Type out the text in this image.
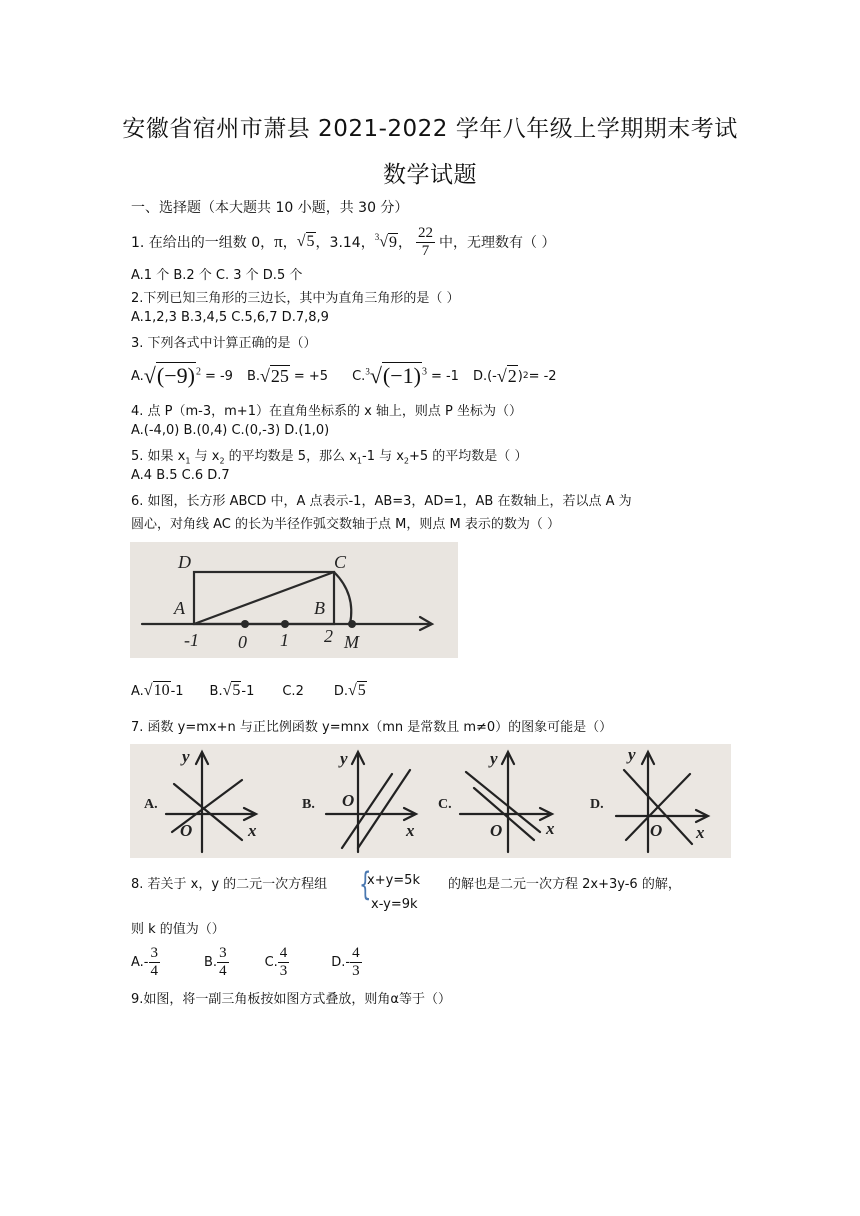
安徽省宿州市萧县 2021-2022 学年八年级上学期期末考试
数学试题
一、选择题（本大题共 10 小题，共 30 分）
1. 在给出的一组数 0， π ， √5 ，3.14， $^3$√9 ， $\frac{22}{7}$ 中，无理数有（ ）
A.1 个 B.2 个 C. 3 个 D.5 个
2.下列已知三角形的三边长，其中为直角三角形的是（ ）
A.1,2,3 B.3,4,5 C.5,6,7 D.7,8,9
3. 下列各式中计算正确的是（）
A. $√(-9)^2 = -9$ B. √25 = +5 C. $^3√(-1)^3 = -1$ D.(- √2 ) 2 = -2
4. 点 P（m-3，m+1）在直角坐标系的 x 轴上，则点 P 坐标为（）
A.(-4,0) B.(0,4) C.(0,-3) D.(1,0)
5. 如果 $x_1$ 与 $x_2$ 的平均数是 5，那么 $x_1-1$ 与 $x_2+5$ 的平均数是（ ）
A.4 B.5 C.6 D.7
6. 如图，长方形 ABCD 中，A 点表示-1，AB=3，AD=1，AB 在数轴上，若以点 A 为
圆心，对角线 AC 的长为半径作弧交数轴于点 M，则点 M 表示的数为（ ）
D	C
A	B
-1 0 1 2 M
A. √10 -1 B. √5 -1 C.2 D. √5
7. 函数 y=mx+n 与正比例函数 y=mnx（mn 是常数且 m≠0）的图象可能是（）
A.	B.	C.	D.
y
x
O
y
x
O
y
x
O
y
x
O
8. 若关于 x，y 的二元一次方程组 {
x+y=5k
x-y=9k
的解也是二元一次方程 2x+3y-6 的解，
则 k 的值为（）
$A.- \frac{3}{4}$	B. $\frac{3}{4}$	C. $\frac{4}{3}$	$D.- \frac{4}{3}$
9.如图，将一副三角板按如图方式叠放，则角α等于（）
